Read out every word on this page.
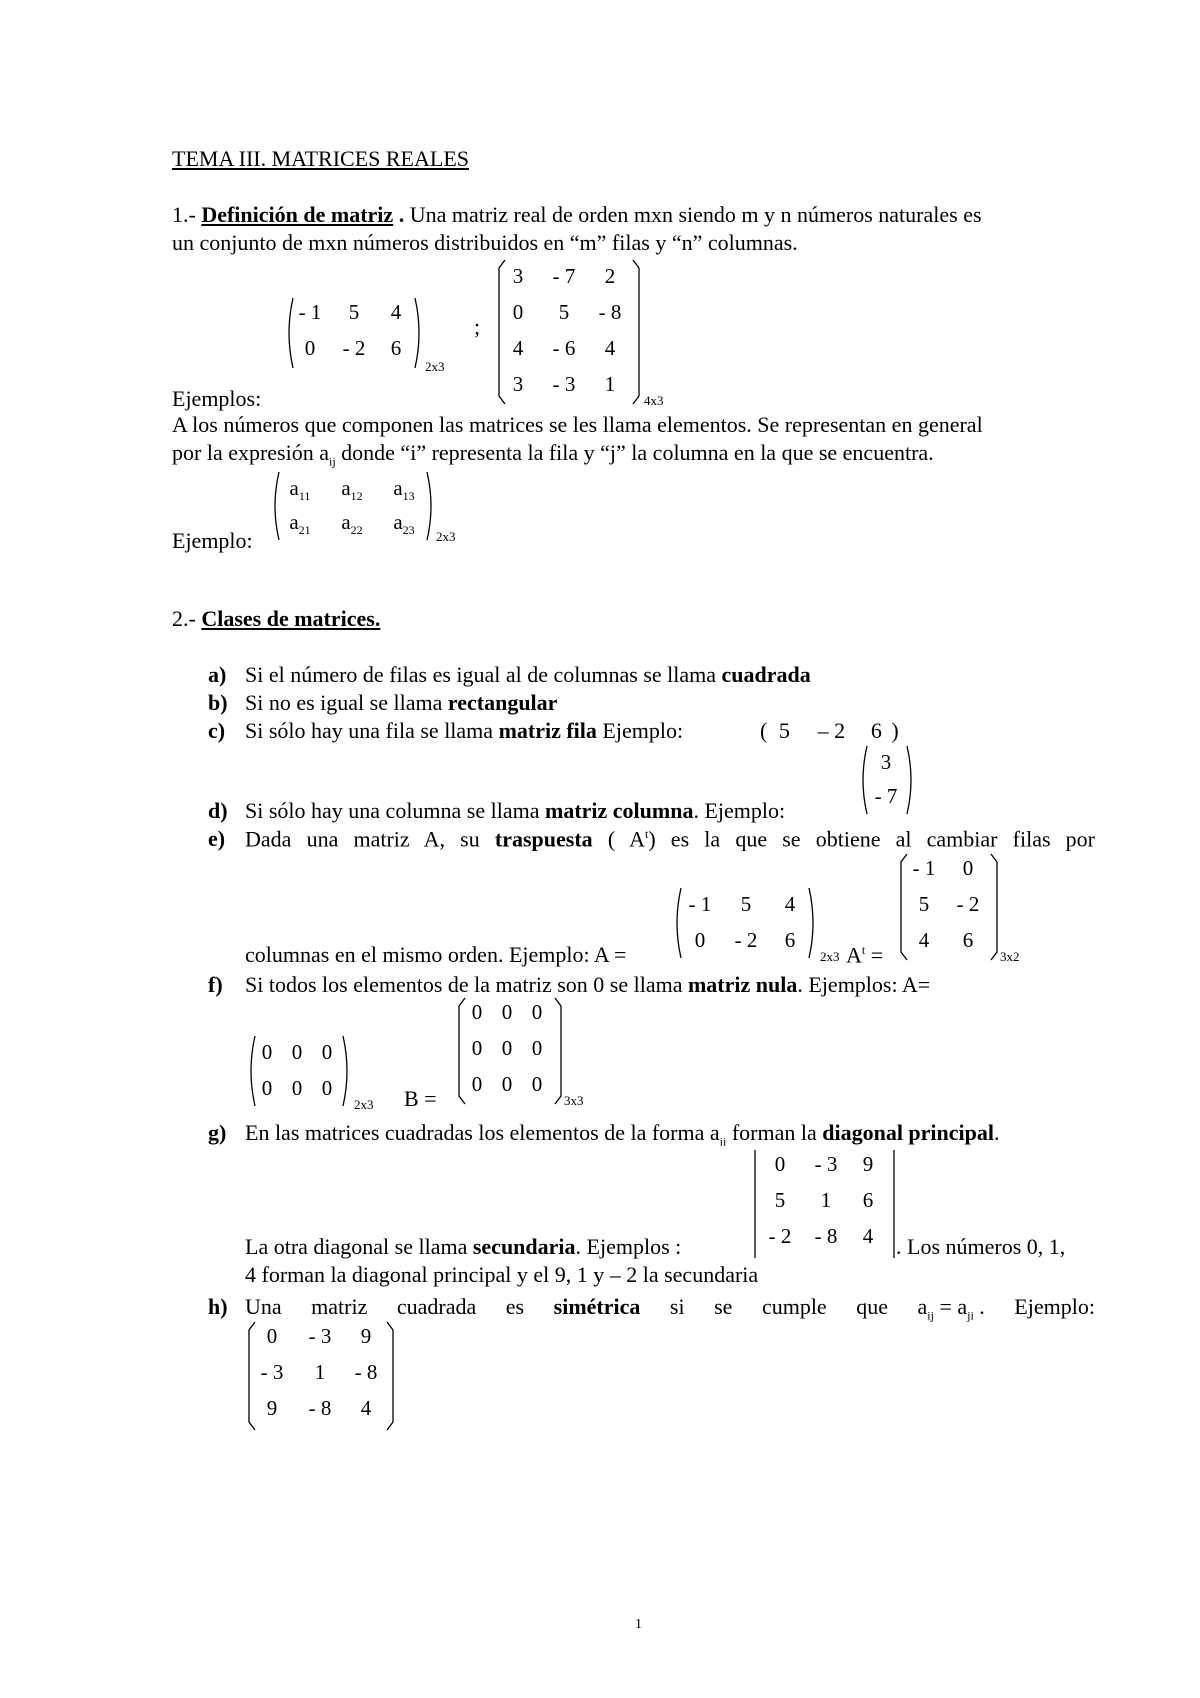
TEMA III. MATRICES REALES
1.- Definición de matriz . Una matriz real de orden mxn siendo m y n números naturales es
un conjunto de mxn números distribuidos en “m” filas y “n” columnas.
- 1	5	4
0	- 2	6
2x3
;
3	- 7	2
0	5	- 8
4	- 6	4
3	- 3	1
4x3
Ejemplos:
A los números que componen las matrices se les llama elementos. Se representan en general
por la expresión $a_{ij}$ donde “i” representa la fila y “j” la columna en la que se encuentra.
Ejemplo:
$a_{11}$	$a_{12}$	$a_{13}$
$a_{21}$	$a_{22}$	$a_{23}$	2x3
2.- Clases de matrices.
a) Si el número de filas es igual al de columnas se llama cuadrada
b) Si no es igual se llama rectangular
c) Si sólo hay una fila se llama matriz fila Ejemplo:	( 5 – 2 6 )
d) Si sólo hay una columna se llama matriz columna. Ejemplo:
3
- 7
e) Dada una matriz A, su traspuesta ( $A^t$) es la que se obtiene al cambiar filas por
columnas en el mismo orden. Ejemplo: A =
- 1	5	4
0	- 2	6
2x3 $A^t$ =
- 1	0
5	- 2
4	6
3x2
f) Si todos los elementos de la matriz son 0 se llama matriz nula. Ejemplos: A=
0 0 0
0 0 0
2x3 B =
0 0 0
0 0 0
0 0 0
3x3
g) En las matrices cuadradas los elementos de la forma $a_{ii}$ forman la diagonal principal.
0	- 3	9
5	1	6
- 2	- 8	4
La otra diagonal se llama secundaria. Ejemplos :	. Los números 0, 1,
4 forman la diagonal principal y el 9, 1 y – 2 la secundaria
h) Una matriz cuadrada es simétrica si se cumple que $a_{ij} = a_{ji}$ . Ejemplo:
0	- 3	9
- 3	1	- 8
9	- 8	4
1
